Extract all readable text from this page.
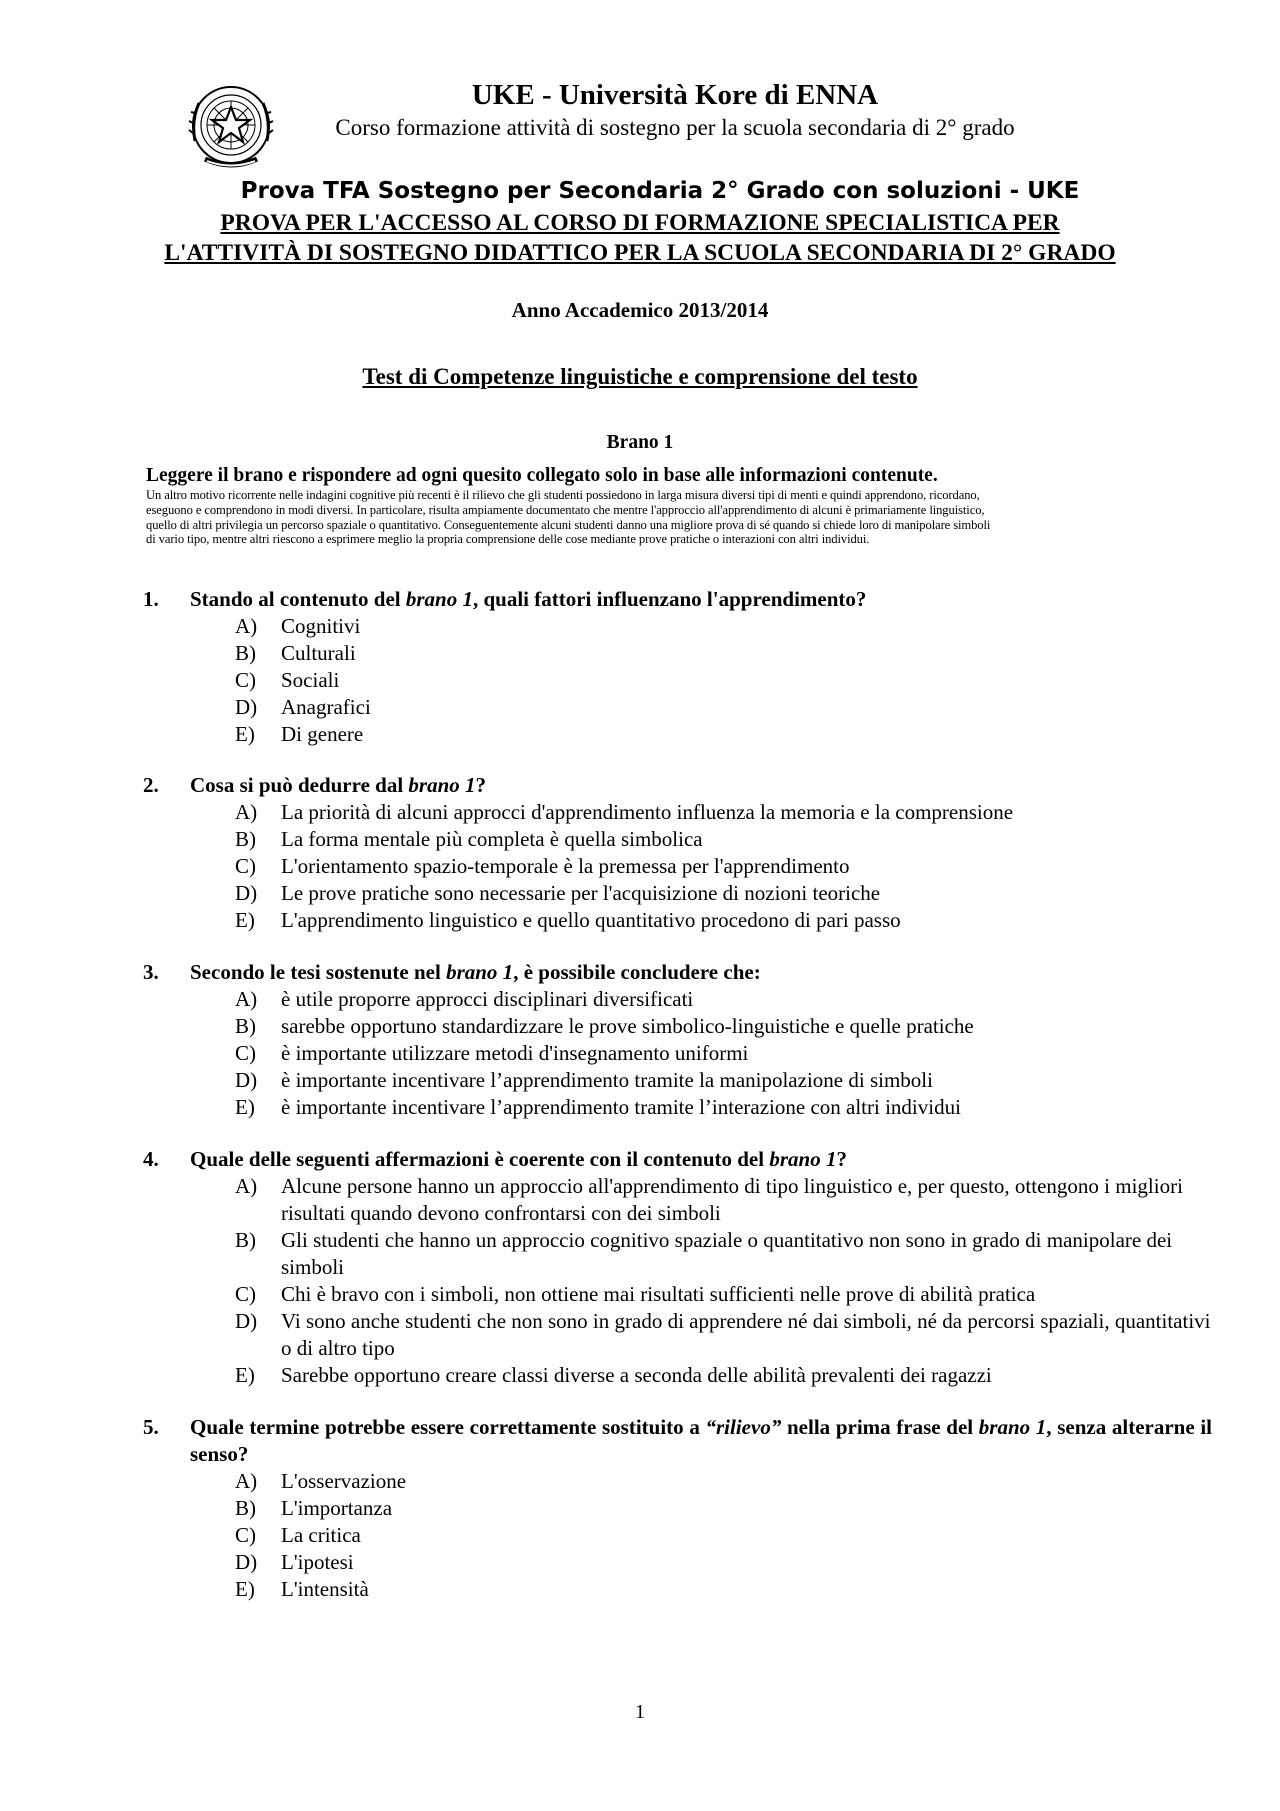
UKE - Università Kore di ENNA
Corso formazione attività di sostegno per la scuola secondaria di 2° grado
Prova TFA Sostegno per Secondaria 2° Grado con soluzioni - UKE
PROVA PER L'ACCESSO AL CORSO DI FORMAZIONE SPECIALISTICA PER
L'ATTIVITÀ DI SOSTEGNO DIDATTICO PER LA SCUOLA SECONDARIA DI 2° GRADO
Anno Accademico 2013/2014
Test di Competenze linguistiche e comprensione del testo
Brano 1
Leggere il brano e rispondere ad ogni quesito collegato solo in base alle informazioni contenute.
Un altro motivo ricorrente nelle indagini cognitive più recenti è il rilievo che gli studenti possiedono in larga misura diversi tipi di menti e quindi apprendono, ricordano,
eseguono e comprendono in modi diversi. In particolare, risulta ampiamente documentato che mentre l'approccio all'apprendimento di alcuni è primariamente linguistico,
quello di altri privilegia un percorso spaziale o quantitativo. Conseguentemente alcuni studenti danno una migliore prova di sé quando si chiede loro di manipolare simboli
di vario tipo, mentre altri riescono a esprimere meglio la propria comprensione delle cose mediante prove pratiche o interazioni con altri individui.
1. Stando al contenuto del brano 1, quali fattori influenzano l'apprendimento?
A)	Cognitivi
B)	Culturali
C)	Sociali
D)	Anagrafici
E)	Di genere
2. Cosa si può dedurre dal brano 1?
A)	La priorità di alcuni approcci d'apprendimento influenza la memoria e la comprensione
B)	La forma mentale più completa è quella simbolica
C)	L'orientamento spazio-temporale è la premessa per l'apprendimento
D)	Le prove pratiche sono necessarie per l'acquisizione di nozioni teoriche
E)	L'apprendimento linguistico e quello quantitativo procedono di pari passo
3. Secondo le tesi sostenute nel brano 1, è possibile concludere che:
A)	è utile proporre approcci disciplinari diversificati
B)	sarebbe opportuno standardizzare le prove simbolico-linguistiche e quelle pratiche
C)	è importante utilizzare metodi d'insegnamento uniformi
D)	è importante incentivare l’apprendimento tramite la manipolazione di simboli
E)	è importante incentivare l’apprendimento tramite l’interazione con altri individui
4. Quale delle seguenti affermazioni è coerente con il contenuto del brano 1?
A)	Alcune persone hanno un approccio all'apprendimento di tipo linguistico e, per questo, ottengono i migliori risultati quando devono confrontarsi con dei simboli
B)	Gli studenti che hanno un approccio cognitivo spaziale o quantitativo non sono in grado di manipolare dei simboli
C)	Chi è bravo con i simboli, non ottiene mai risultati sufficienti nelle prove di abilità pratica
D)	Vi sono anche studenti che non sono in grado di apprendere né dai simboli, né da percorsi spaziali, quantitativi o di altro tipo
E)	Sarebbe opportuno creare classi diverse a seconda delle abilità prevalenti dei ragazzi
5. Quale termine potrebbe essere correttamente sostituito a “rilievo” nella prima frase del brano 1, senza alterarne il senso?
A)	L'osservazione
B)	L'importanza
C)	La critica
D)	L'ipotesi
E)	L'intensità
1
